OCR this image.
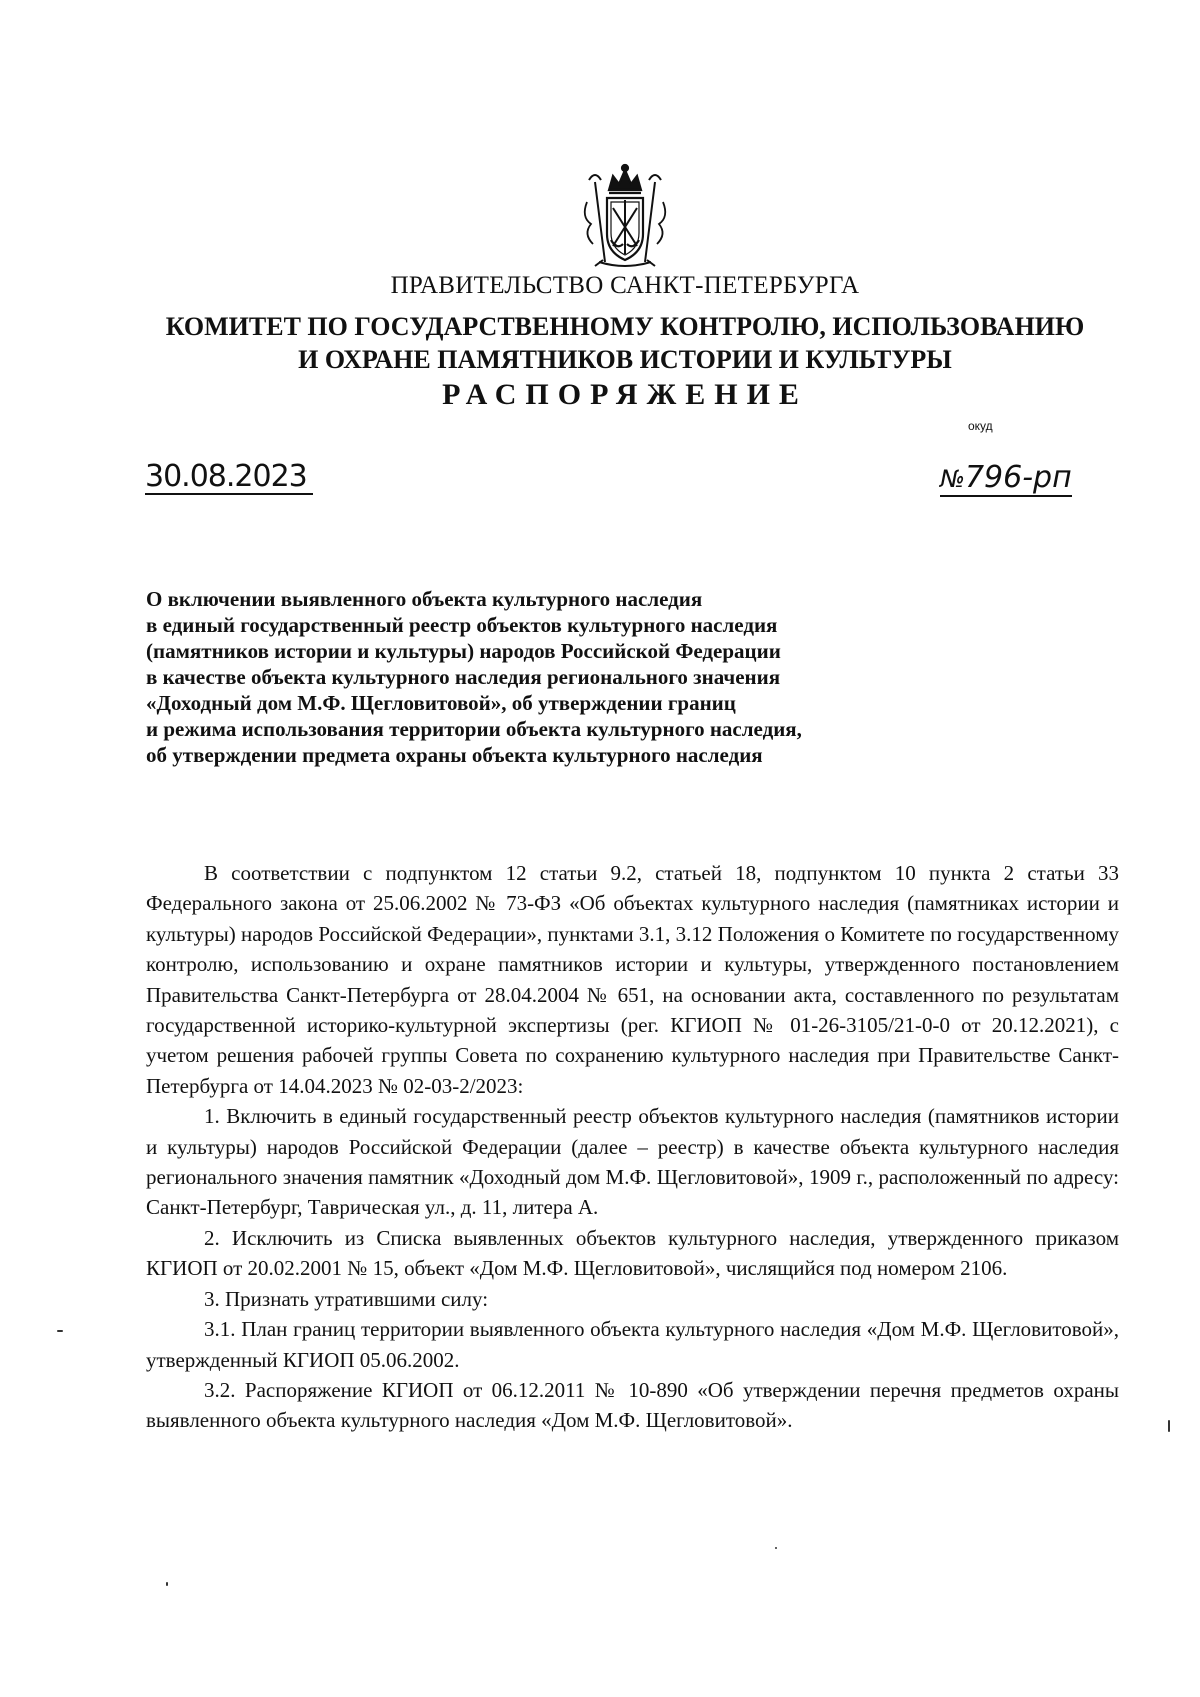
ПРАВИТЕЛЬСТВО САНКТ-ПЕТЕРБУРГА
КОМИТЕТ ПО ГОСУДАРСТВЕННОМУ КОНТРОЛЮ, ИСПОЛЬЗОВАНИЮ
И ОХРАНЕ ПАМЯТНИКОВ ИСТОРИИ И КУЛЬТУРЫ
РАСПОРЯЖЕНИЕ
окуд
30.08.2023	№796-рп
О включении выявленного объекта культурного наследия
в единый государственный реестр объектов культурного наследия
(памятников истории и культуры) народов Российской Федерации
в качестве объекта культурного наследия регионального значения
«Доходный дом М.Ф. Щегловитовой», об утверждении границ
и режима использования территории объекта культурного наследия,
об утверждении предмета охраны объекта культурного наследия

В соответствии с подпунктом 12 статьи 9.2, статьей 18, подпунктом 10 пункта 2 статьи 33 Федерального закона от 25.06.2002 № 73-ФЗ «Об объектах культурного наследия (памятниках истории и культуры) народов Российской Федерации», пунктами 3.1, 3.12 Положения о Комитете по государственному контролю, использованию и охране памятников истории и культуры, утвержденного постановлением Правительства Санкт-Петербурга от 28.04.2004 № 651, на основании акта, составленного по результатам государственной историко-культурной экспертизы (рег. КГИОП № 01-26-3105/21-0-0 от 20.12.2021), с учетом решения рабочей группы Совета по сохранению культурного наследия при Правительстве Санкт-Петербурга от 14.04.2023 № 02-03-2/2023:

1. Включить в единый государственный реестр объектов культурного наследия (памятников истории и культуры) народов Российской Федерации (далее – реестр) в качестве объекта культурного наследия регионального значения памятник «Доходный дом М.Ф. Щегловитовой», 1909 г., расположенный по адресу: Санкт-Петербург, Таврическая ул., д. 11, литера А.

2. Исключить из Списка выявленных объектов культурного наследия, утвержденного приказом КГИОП от 20.02.2001 № 15, объект «Дом М.Ф. Щегловитовой», числящийся под номером 2106.

3. Признать утратившими силу:

3.1. План границ территории выявленного объекта культурного наследия «Дом М.Ф. Щегловитовой», утвержденный КГИОП 05.06.2002.

3.2. Распоряжение КГИОП от 06.12.2011 № 10-890 «Об утверждении перечня предметов охраны выявленного объекта культурного наследия «Дом М.Ф. Щегловитовой».
